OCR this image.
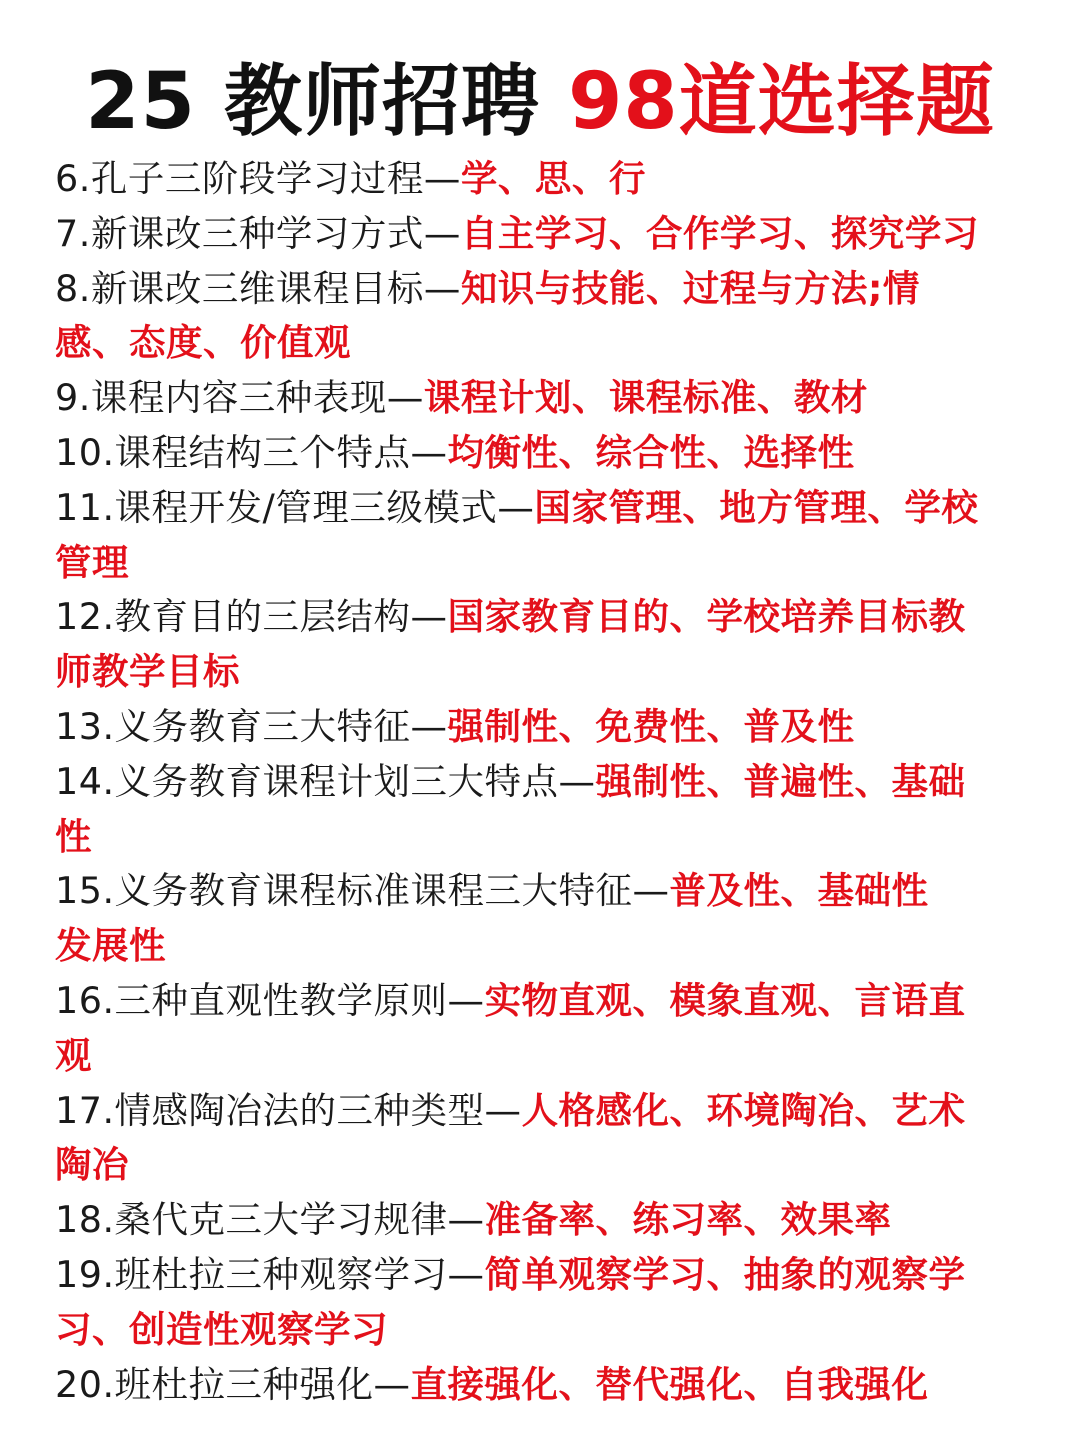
25 教师招聘 98道选择题
6.孔子三阶段学习过程—学、思、行
7.新课改三种学习方式—自主学习、合作学习、探究学习
8.新课改三维课程目标—知识与技能、过程与方法;情
感、态度、价值观
9.课程内容三种表现—课程计划、课程标准、教材
10.课程结构三个特点—均衡性、综合性、选择性
11.课程开发/管理三级模式—国家管理、地方管理、学校
管理
12.教育目的三层结构—国家教育目的、学校培养目标教
师教学目标
13.义务教育三大特征—强制性、免费性、普及性
14.义务教育课程计划三大特点—强制性、普遍性、基础
性
15.义务教育课程标准课程三大特征—普及性、基础性
发展性
16.三种直观性教学原则—实物直观、模象直观、言语直
观
17.情感陶冶法的三种类型—人格感化、环境陶冶、艺术
陶冶
18.桑代克三大学习规律—准备率、练习率、效果率
19.班杜拉三种观察学习—简单观察学习、抽象的观察学
习、创造性观察学习
20.班杜拉三种强化—直接强化、替代强化、自我强化
